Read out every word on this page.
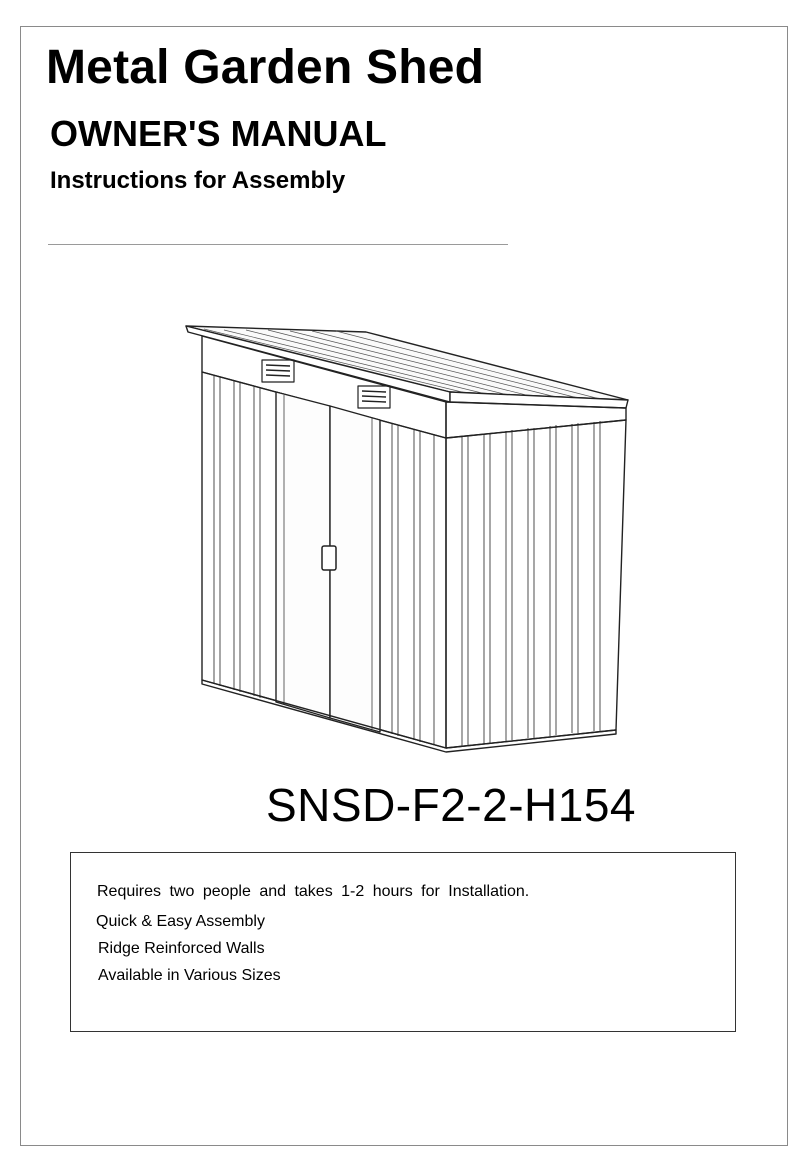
Metal Garden Shed
OWNER'S MANUAL
Instructions for Assembly
SNSD-F2-2-H154

Requires two people and takes 1-2 hours for Installation.

Quick & Easy Assembly

Ridge Reinforced Walls

Available in Various Sizes
